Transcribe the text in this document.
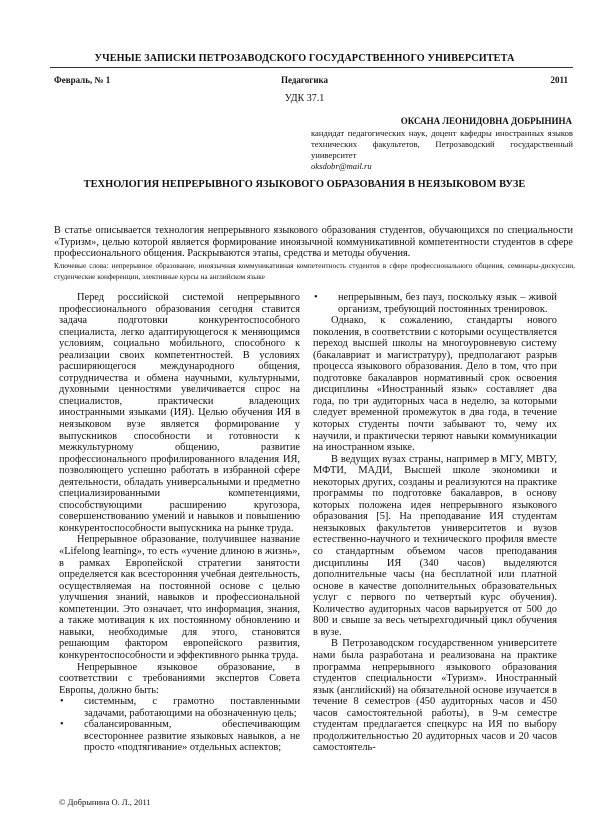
УЧЕНЫЕ ЗАПИСКИ ПЕТРОЗАВОДСКОГО ГОСУДАРСТВЕННОГО УНИВЕРСИТЕТА
Февраль, № 1	Педагогика	2011
УДК 37.1
ОКСАНА ЛЕОНИДОВНА ДОБРЫНИНА
кандидат педагогических наук, доцент кафедры иностранных языков технических факультетов, Петрозаводский государственный университет
oksdobr@mail.ru
ТЕХНОЛОГИЯ НЕПРЕРЫВНОГО ЯЗЫКОВОГО ОБРАЗОВАНИЯ В НЕЯЗЫКОВОМ ВУЗЕ
В статье описывается технология непрерывного языкового образования студентов, обучающихся по специальности «Туризм», целью которой является формирование иноязычной коммуникативной компетентности студентов в сфере профессионального общения. Раскрываются этапы, средства и методы обучения.
Ключевые слова: непрерывное образование, иноязычная коммуникативная компетентность студентов в сфере профессионального общения, семинары-дискуссии, студенческие конференции, элективные курсы на английском языке

Перед российской системой непрерывного профессионального образования сегодня ставится задача подготовки конкурентоспособного специалиста, легко адаптирующегося к меняющимся условиям, социально мобильного, способного к реализации своих компетентностей. В условиях расширяющегося международного общения, сотрудничества и обмена научными, культурными, духовными ценностями увеличивается спрос на специалистов, практически владеющих иностранными языками (ИЯ). Целью обучения ИЯ в неязыковом вузе является формирование у выпускников способности и готовности к межкультурному общению, развитие профессионального профилированного владения ИЯ, позволяющего успешно работать в избранной сфере деятельности, обладать универсальными и предметно специализированными компетенциями, способствующими расширению кругозора, совершенствованию умений и навыков и повышению конкурентоспособности выпускника на рынке труда.

Непрерывное образование, получившее название «Lifelong learning», то есть «учение длиною в жизнь», в рамках Европейской стратегии занятости определяется как всесторонняя учебная деятельность, осуществляемая на постоянной основе с целью улучшения знаний, навыков и профессиональной компетенции. Это означает, что информация, знания, а также мотивация к их постоянному обновлению и навыки, необходимые для этого, становятся решающим фактором европейского развития, конкурентоспособности и эффективного рынка труда.

Непрерывное языковое образование, в соответствии с требованиями экспертов Совета Европы, должно быть:

• системным, с грамотно поставленными задачами, работающими на обозначенную цель;
• сбалансированным, обеспечивающим всестороннее развитие языковых навыков, а не просто «подтягивание» отдельных аспектов;
• непрерывным, без пауз, поскольку язык – живой организм, требующий постоянных тренировок.

Однако, к сожалению, стандарты нового поколения, в соответствии с которыми осуществляется переход высшей школы на многоуровневую систему (бакалавриат и магистратуру), предполагают разрыв процесса языкового образования. Дело в том, что при подготовке бакалавров нормативный срок освоения дисциплины «Иностранный язык» составляет два года, по три аудиторных часа в неделю, за которыми следует временной промежуток в два года, в течение которых студенты почти забывают то, чему их научили, и практически теряют навыки коммуникации на иностранном языке.

В ведущих вузах страны, например в МГУ, МВТУ, МФТИ, МАДИ, Высшей школе экономики и некоторых других, созданы и реализуются на практике программы по подготовке бакалавров, в основу которых положена идея непрерывного языкового образования [5]. На преподавание ИЯ студентам неязыковых факультетов университетов и вузов естественно-научного и технического профиля вместе со стандартным объемом часов преподавания дисциплины ИЯ (340 часов) выделяются дополнительные часы (на бесплатной или платной основе в качестве дополнительных образовательных услуг с первого по четвертый курс обучения). Количество аудиторных часов варьируется от 500 до 800 и свыше за весь четырехгодичный цикл обучения в вузе.

В Петрозаводском государственном университете нами была разработана и реализована на практике программа непрерывного языкового образования студентов специальности «Туризм». Иностранный язык (английский) на обязательной основе изучается в течение 8 семестров (450 аудиторных часов и 450 часов самостоятельной работы), в 9-м семестре студентам предлагается спецкурс на ИЯ по выбору продолжительностью 20 аудиторных часов и 20 часов самостоятель-

© Добрынина О. Л., 2011
